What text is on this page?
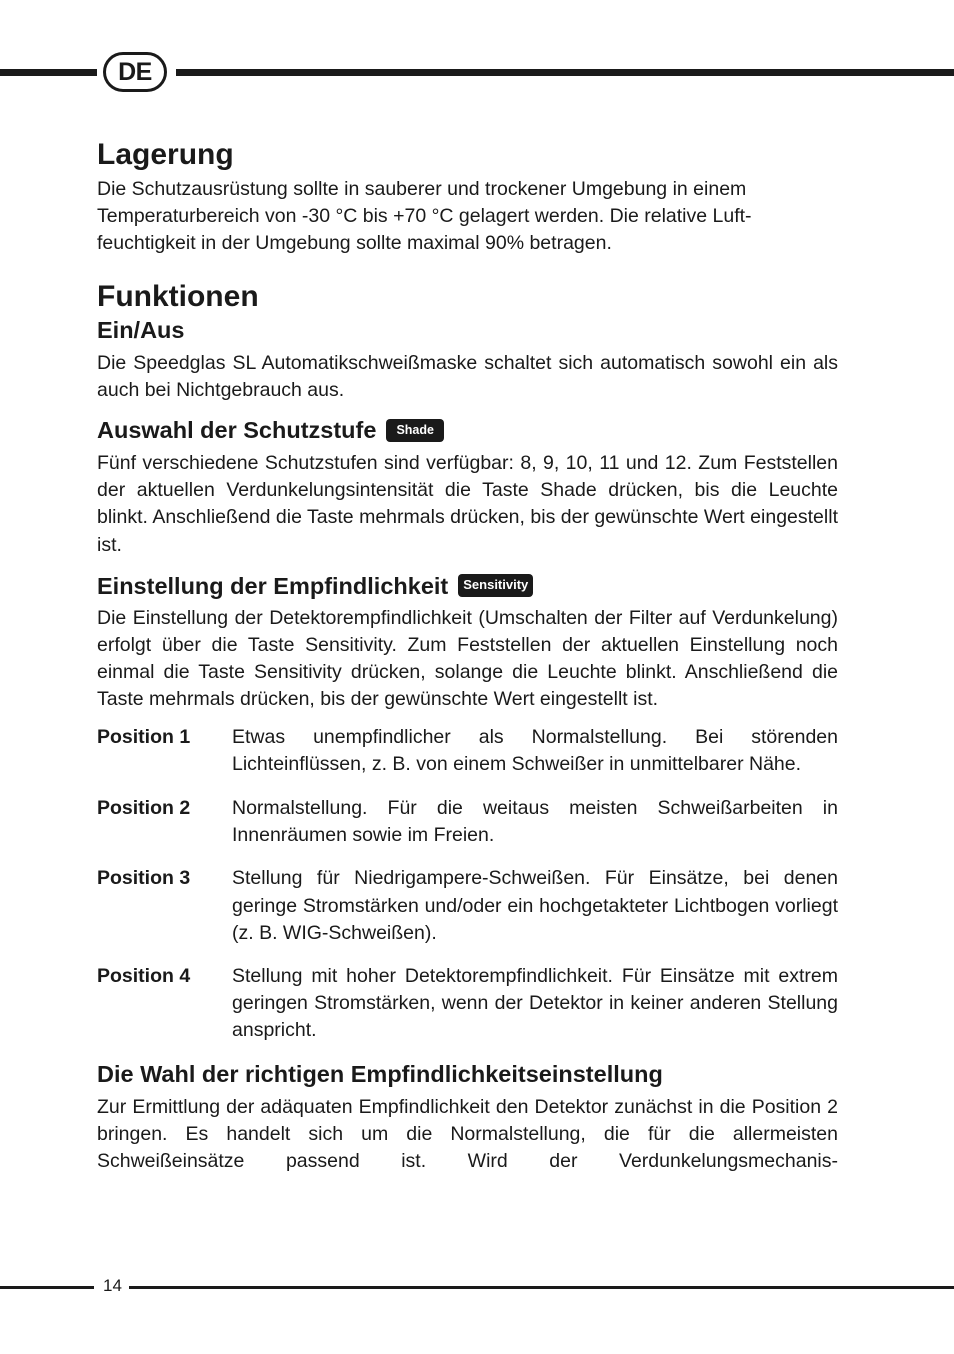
DE
Lagerung
Die Schutzausrüstung sollte in sauberer und trockener Umgebung in einem
Temperaturbereich von -30 °C bis +70 °C gelagert werden. Die relative Luft-
feuchtigkeit in der Umgebung sollte maximal 90% betragen.
Funktionen
Ein/Aus

Die Speedglas SL Automatikschweißmaske schaltet sich automatisch sowohl ein als auch bei Nichtgebrauch aus.

Auswahl der Schutzstufe	Shade

Fünf verschiedene Schutzstufen sind verfügbar: 8, 9, 10, 11 und 12. Zum Feststellen der aktuellen Verdunkelungsintensität die Taste Shade drücken, bis die Leuchte blinkt. Anschließend die Taste mehrmals drücken, bis der gewünschte Wert eingestellt ist.

Einstellung der Empfindlichkeit	Sensitivity

Die Einstellung der Detektorempfindlichkeit (Umschalten der Filter auf Verdunkelung) erfolgt über die Taste Sensitivity. Zum Feststellen der aktuellen Einstellung noch einmal die Taste Sensitivity drücken, solange die Leuchte blinkt. Anschließend die Taste mehrmals drücken, bis der gewünschte Wert eingestellt ist.

Position 1	Etwas unempfindlicher als Normalstellung. Bei störenden Lichteinflüssen, z. B. von einem Schweißer in unmittelbarer Nähe.

Position 2	Normalstellung. Für die weitaus meisten Schweißarbeiten in Innenräumen sowie im Freien.

Position 3	Stellung für Niedrigampere-Schweißen. Für Einsätze, bei denen geringe Stromstärken und/oder ein hochgetakteter Lichtbogen vorliegt (z. B. WIG-Schweißen).

Position 4	Stellung mit hoher Detektorempfindlichkeit. Für Einsätze mit extrem geringen Stromstärken, wenn der Detektor in keiner anderen Stellung anspricht.

Die Wahl der richtigen Empfindlichkeitseinstellung

Zur Ermittlung der adäquaten Empfindlichkeit den Detektor zunächst in die Position 2 bringen. Es handelt sich um die Normalstellung, die für die allermeisten Schweißeinsätze passend ist. Wird der Verdunkelungsmechanis-

14
